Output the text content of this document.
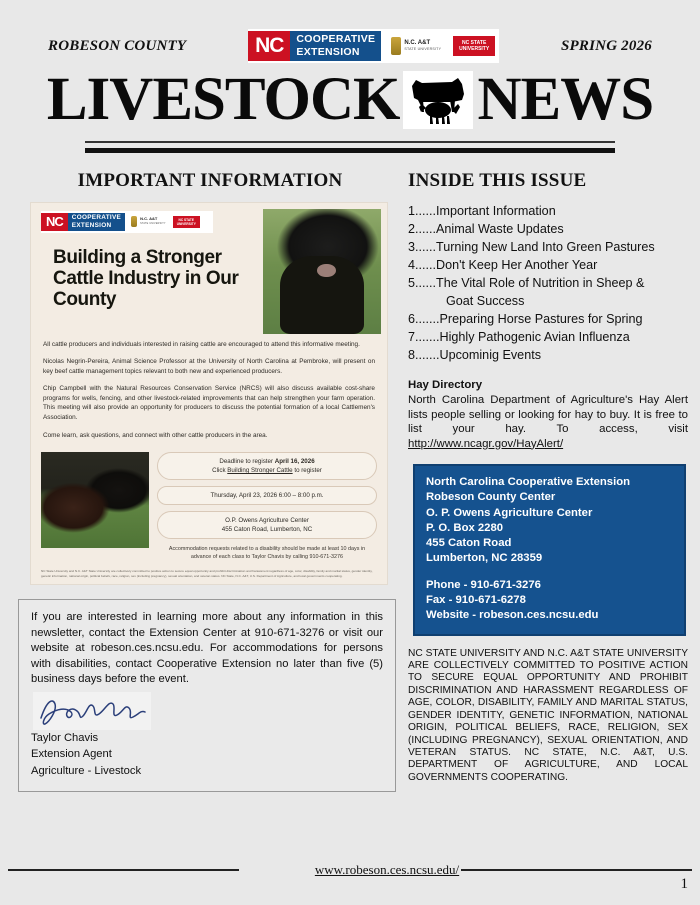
ROBESON COUNTY	NC	COOPERATIVE
EXTENSION
N.C. A&T
STATE UNIVERSITY
NC STATE
UNIVERSITY	SPRING 2026
LIVESTOCK NEWS
IMPORTANT INFORMATION
NC	COOPERATIVE
EXTENSION
N.C. A&T
STATE UNIVERSITY
NC STATE
UNIVERSITY
Building a Stronger Cattle Industry in Our County

All cattle producers and individuals interested in raising cattle are encouraged to attend this informative meeting.

Nicolas Negrin-Pereira, Animal Science Professor at the University of North Carolina at Pembroke, will present on key beef cattle management topics relevant to both new and experienced producers.

Chip Campbell with the Natural Resources Conservation Service (NRCS) will also discuss available cost-share programs for wells, fencing, and other livestock-related improvements that can help strengthen your farm operation. This meeting will also provide an opportunity for producers to discuss the potential formation of a local Cattlemen's Association.

Come learn, ask questions, and connect with other cattle producers in the area.

Deadline to register April 16, 2026
Click Building Stronger Cattle to register
Thursday, April 23, 2026 6:00 – 8:00 p.m.
O.P. Owens Agriculture Center
455 Caton Road, Lumberton, NC
Accommodation requests related to a disability should be made at least 10 days in advance of each class to Taylor Chavis by calling 910-671-3276
NC State University and N.C. A&T State University are collectively committed to positive action to secure equal opportunity and prohibit discrimination and harassment regardless of age, color, disability, family and marital status, gender identity, genetic information, national origin, political beliefs, race, religion, sex (including pregnancy), sexual orientation, and veteran status. NC State, N.C. A&T, U.S. Department of Agriculture, and local governments cooperating.

If you are interested in learning more about any information in this newsletter, contact the Extension Center at 910-671-3276 or visit our website at robeson.ces.ncsu.edu. For accommodations for persons with disabilities, contact Cooperative Extension no later than five (5) business days before the event.

Taylor Chavis
Extension Agent
Agriculture - Livestock
INSIDE THIS ISSUE
1......Important Information
2......Animal Waste Updates
3......Turning New Land Into Green Pastures
4......Don't Keep Her Another Year
5......The Vital Role of Nutrition in Sheep &
Goat Success
6.......Preparing Horse Pastures for Spring
7.......Highly Pathogenic Avian Influenza
8.......Upcominig Events
Hay Directory
North Carolina Department of Agriculture's Hay Alert lists people selling or looking for hay to buy. It is free to list your hay. To access, visit http://www.ncagr.gov/HayAlert/
North Carolina Cooperative Extension
Robeson County Center
O. P. Owens Agriculture Center
P. O. Box 2280
455 Caton Road
Lumberton, NC 28359
Phone - 910-671-3276
Fax - 910-671-6278
Website - robeson.ces.ncsu.edu
NC STATE UNIVERSITY AND N.C. A&T STATE UNIVERSITY ARE COLLECTIVELY COMMITTED TO POSITIVE ACTION TO SECURE EQUAL OPPORTUNITY AND PROHIBIT DISCRIMINATION AND HARASSMENT REGARDLESS OF AGE, COLOR, DISABILITY, FAMILY AND MARITAL STATUS, GENDER IDENTITY, GENETIC INFORMATION, NATIONAL ORIGIN, POLITICAL BELIEFS, RACE, RELIGION, SEX (INCLUDING PREGNANCY), SEXUAL ORIENTATION, AND VETERAN STATUS. NC STATE, N.C. A&T, U.S. DEPARTMENT OF AGRICULTURE, AND LOCAL GOVERNMENTS COOPERATING.
www.robeson.ces.ncsu.edu/
1
